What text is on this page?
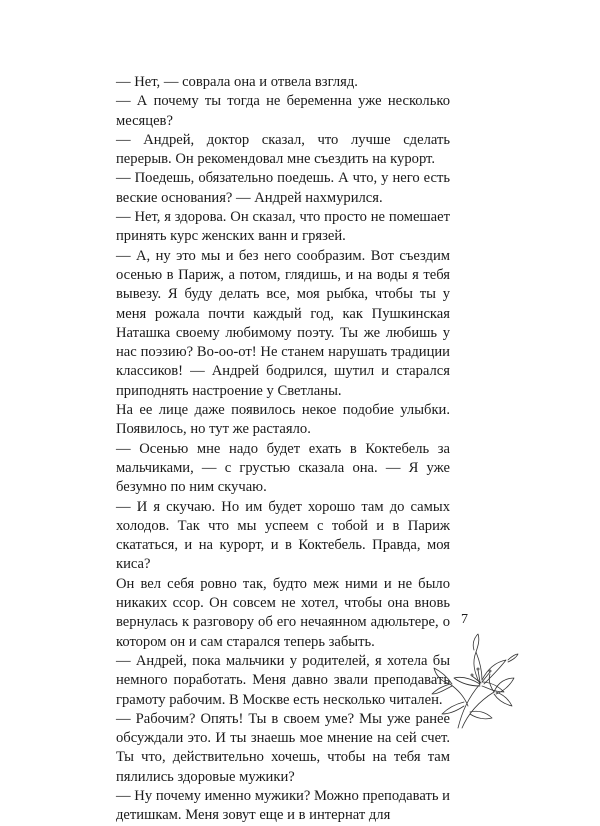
— Нет, — соврала она и отвела взгляд.

— А почему ты тогда не беременна уже несколько месяцев?

— Андрей, доктор сказал, что лучше сделать перерыв. Он рекомендовал мне съездить на курорт.

— Поедешь, обязательно поедешь. А что, у него есть веские основания? — Андрей нахмурился.

— Нет, я здорова. Он сказал, что просто не помешает принять курс женских ванн и грязей.

— А, ну это мы и без него сообразим. Вот съездим осенью в Париж, а потом, глядишь, и на воды я тебя вывезу. Я буду делать все, моя рыбка, чтобы ты у меня рожала почти каждый год, как Пушкинская Наташка своему любимому поэту. Ты же любишь у нас поэзию? Во-оо-от! Не станем нарушать традиции классиков! — Андрей бодрился, шутил и старался приподнять настроение у Светланы.

На ее лице даже появилось некое подобие улыбки. Появилось, но тут же растаяло.

— Осенью мне надо будет ехать в Коктебель за мальчиками, — с грустью сказала она. — Я уже безумно по ним скучаю.

— И я скучаю. Но им будет хорошо там до самых холодов. Так что мы успеем с тобой и в Париж скататься, и на курорт, и в Коктебель. Правда, моя киса?

Он вел себя ровно так, будто меж ними и не было никаких ссор. Он совсем не хотел, чтобы она вновь вернулась к разговору об его нечаянном адюльтере, о котором он и сам старался теперь забыть.

— Андрей, пока мальчики у родителей, я хотела бы немного поработать. Меня давно звали преподавать грамоту рабочим. В Москве есть несколько читален.

— Рабочим? Опять! Ты в своем уме? Мы уже ранее обсуждали это. И ты знаешь мое мнение на сей счет. Ты что, действительно хочешь, чтобы на тебя там пялились здоровые мужики?

— Ну почему именно мужики? Можно преподавать и детишкам. Меня зовут еще и в интернат для

7
